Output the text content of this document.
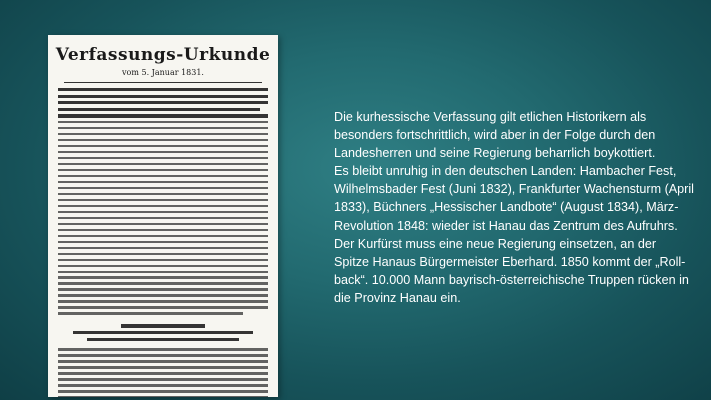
Verfassungs-Urkunde
vom 5. Januar 1831.

Die kurhessische Verfassung gilt etlichen Historikern als besonders fortschrittlich, wird aber in der Folge durch den Landesherren und seine Regierung beharrlich boykottiert.

Es bleibt unruhig in den deutschen Landen: Hambacher Fest, Wilhelmsbader Fest (Juni 1832), Frankfurter Wachensturm (April 1833), Büchners „Hessischer Landbote“ (August 1834), März-Revolution 1848: wieder ist Hanau das Zentrum des Aufruhrs. Der Kurfürst muss eine neue Regierung einsetzen, an der Spitze Hanaus Bürgermeister Eberhard. 1850 kommt der „Roll-back“. 10.000 Mann bayrisch-österreichische Truppen rücken in die Provinz Hanau ein.
